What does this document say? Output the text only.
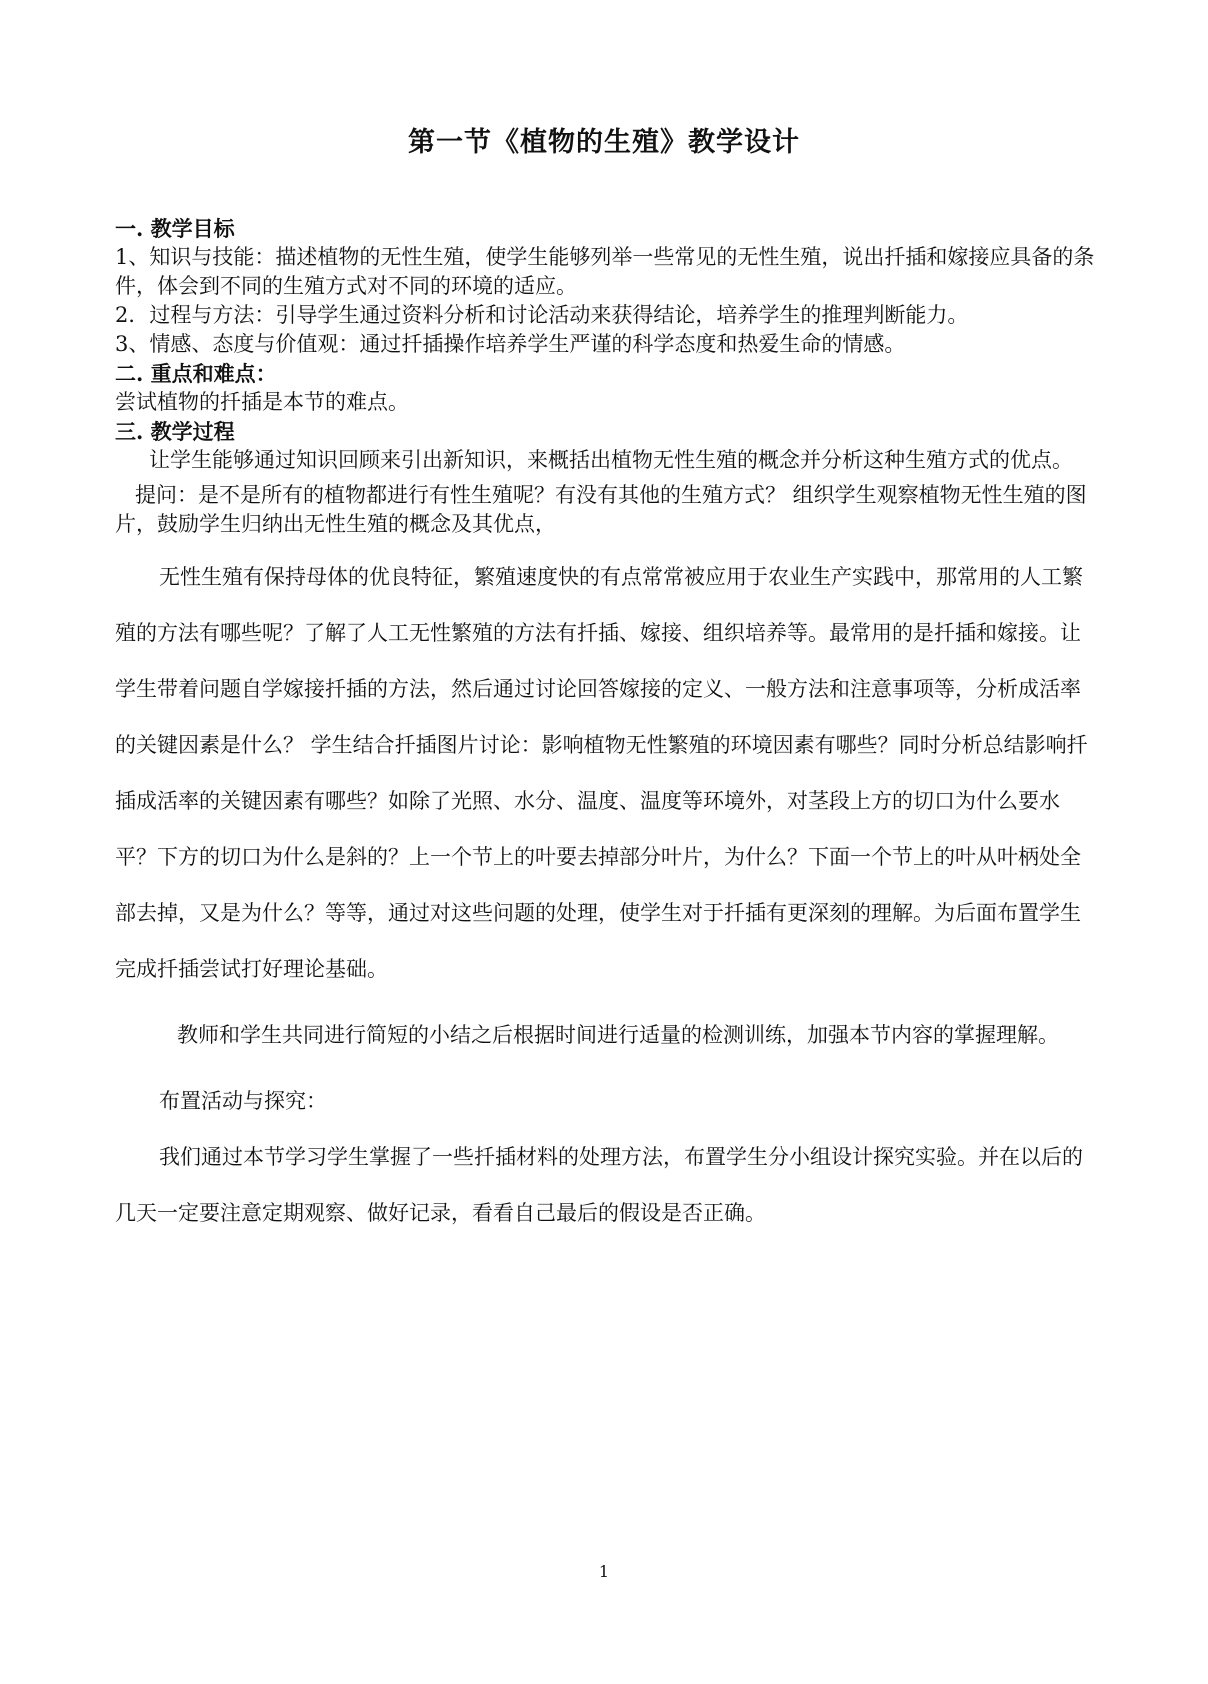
第一节《植物的生殖》教学设计
一. 教学目标
1、知识与技能：描述植物的无性生殖，使学生能够列举一些常见的无性生殖，说出扦插和嫁接应具备的条件，体会到不同的生殖方式对不同的环境的适应。
2．过程与方法：引导学生通过资料分析和讨论活动来获得结论，培养学生的推理判断能力。
3、情感、态度与价值观：通过扦插操作培养学生严谨的科学态度和热爱生命的情感。
二. 重点和难点：
尝试植物的扦插是本节的难点。
三. 教学过程
让学生能够通过知识回顾来引出新知识，来概括出植物无性生殖的概念并分析这种生殖方式的优点。
提问：是不是所有的植物都进行有性生殖呢？有没有其他的生殖方式？ 组织学生观察植物无性生殖的图片，鼓励学生归纳出无性生殖的概念及其优点，
无性生殖有保持母体的优良特征，繁殖速度快的有点常常被应用于农业生产实践中，那常用的人工繁殖的方法有哪些呢？了解了人工无性繁殖的方法有扦插、嫁接、组织培养等。最常用的是扦插和嫁接。让学生带着问题自学嫁接扦插的方法，然后通过讨论回答嫁接的定义、一般方法和注意事项等，分析成活率的关键因素是什么？ 学生结合扦插图片讨论：影响植物无性繁殖的环境因素有哪些？同时分析总结影响扦插成活率的关键因素有哪些？如除了光照、水分、温度、温度等环境外，对茎段上方的切口为什么要水平？下方的切口为什么是斜的？上一个节上的叶要去掉部分叶片，为什么？下面一个节上的叶从叶柄处全部去掉，又是为什么？等等，通过对这些问题的处理，使学生对于扦插有更深刻的理解。为后面布置学生完成扦插尝试打好理论基础。
教师和学生共同进行简短的小结之后根据时间进行适量的检测训练，加强本节内容的掌握理解。
布置活动与探究：
我们通过本节学习学生掌握了一些扦插材料的处理方法，布置学生分小组设计探究实验。并在以后的几天一定要注意定期观察、做好记录，看看自己最后的假设是否正确。
1
